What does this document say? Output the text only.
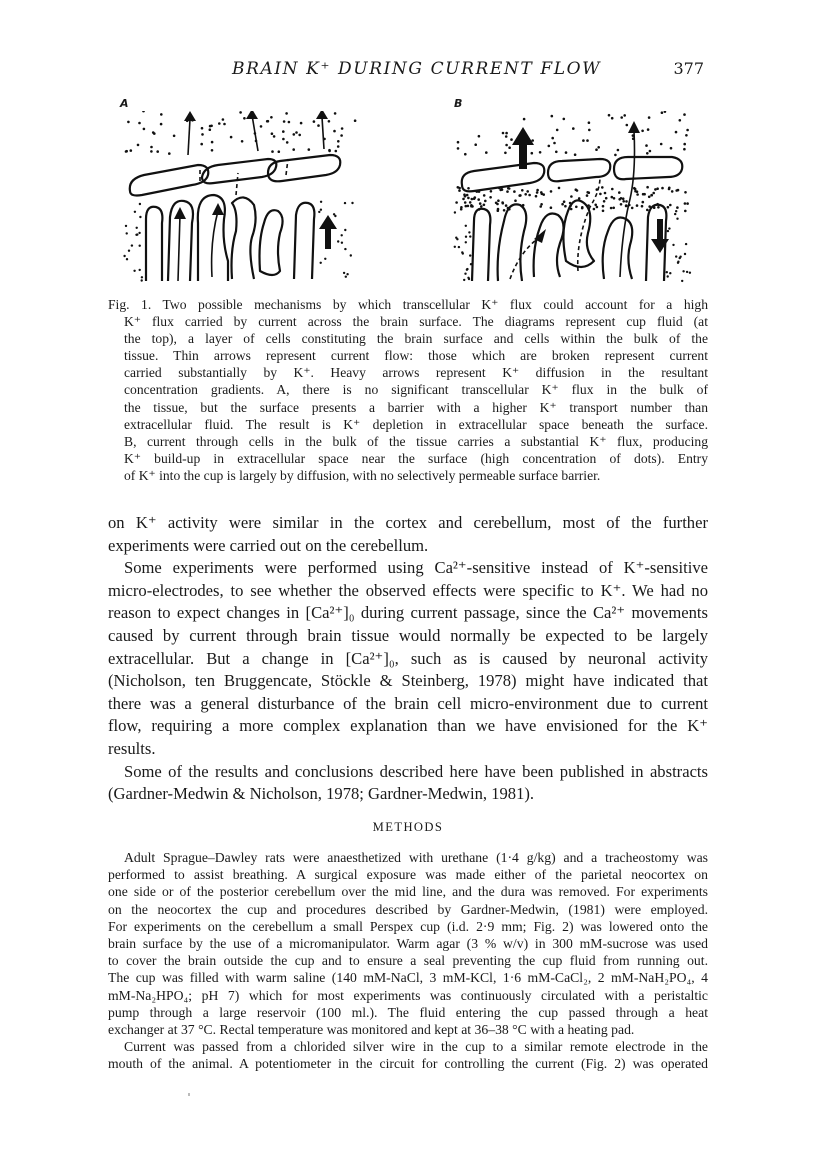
BRAIN K⁺ DURING CURRENT FLOW	377
A	B
Fig. 1. Two possible mechanisms by which transcellular K⁺ flux could account for a high
K⁺ flux carried by current across the brain surface. The diagrams represent cup fluid (at
the top), a layer of cells constituting the brain surface and cells within the bulk of the
tissue. Thin arrows represent current flow: those which are broken represent current
carried substantially by K⁺. Heavy arrows represent K⁺ diffusion in the resultant
concentration gradients. A, there is no significant transcellular K⁺ flux in the bulk of
the tissue, but the surface presents a barrier with a higher K⁺ transport number than
extracellular fluid. The result is K⁺ depletion in extracellular space beneath the surface.
B, current through cells in the bulk of the tissue carries a substantial K⁺ flux, producing
K⁺ build-up in extracellular space near the surface (high concentration of dots). Entry
of K⁺ into the cup is largely by diffusion, with no selectively permeable surface barrier.
on K⁺ activity were similar in the cortex and cerebellum, most of the further
experiments were carried out on the cerebellum.
Some experiments were performed using Ca²⁺-sensitive instead of K⁺-sensitive
micro-electrodes, to see whether the observed effects were specific to K⁺. We had no
reason to expect changes in [Ca²⁺]₀ during current passage, since the Ca²⁺ movements
caused by current through brain tissue would normally be expected to be largely
extracellular. But a change in [Ca²⁺]₀, such as is caused by neuronal activity
(Nicholson, ten Bruggencate, Stöckle & Steinberg, 1978) might have indicated that
there was a general disturbance of the brain cell micro-environment due to current
flow, requiring a more complex explanation than we have envisioned for the K⁺
results.
Some of the results and conclusions described here have been published in abstracts
(Gardner-Medwin & Nicholson, 1978; Gardner-Medwin, 1981).
METHODS
Adult Sprague–Dawley rats were anaesthetized with urethane (1·4 g/kg) and a tracheostomy was
performed to assist breathing. A surgical exposure was made either of the parietal neocortex on
one side or of the posterior cerebellum over the mid line, and the dura was removed. For experiments
on the neocortex the cup and procedures described by Gardner-Medwin, (1981) were employed.
For experiments on the cerebellum a small Perspex cup (i.d. 2·9 mm; Fig. 2) was lowered onto the
brain surface by the use of a micromanipulator. Warm agar (3 % w/v) in 300 mM-sucrose was used
to cover the brain outside the cup and to ensure a seal preventing the cup fluid from running out.
The cup was filled with warm saline (140 mM-NaCl, 3 mM-KCl, 1·6 mM-CaCl₂, 2 mM-NaH₂PO₄, 4
mM-Na₂HPO₄; pH 7) which for most experiments was continuously circulated with a peristaltic
pump through a large reservoir (100 ml.). The fluid entering the cup passed through a heat
exchanger at 37 °C. Rectal temperature was monitored and kept at 36–38 °C with a heating pad.
Current was passed from a chlorided silver wire in the cup to a similar remote electrode in the
mouth of the animal. A potentiometer in the circuit for controlling the current (Fig. 2) was operated
